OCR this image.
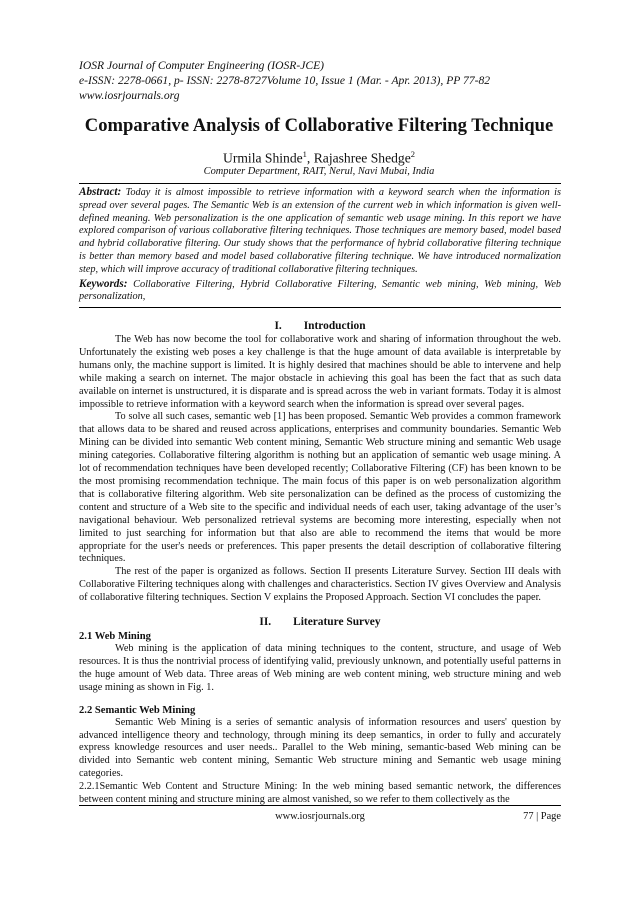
IOSR Journal of Computer Engineering (IOSR-JCE)
e-ISSN: 2278-0661, p- ISSN: 2278-8727Volume 10, Issue 1 (Mar. - Apr. 2013), PP 77-82
www.iosrjournals.org
Comparative Analysis of Collaborative Filtering Technique
Urmila Shinde$^1$, Rajashree Shedge$^2$
Computer Department, RAIT, Nerul, Navi Mubai, India
Abstract: Today it is almost impossible to retrieve information with a keyword search when the information is spread over several pages. The Semantic Web is an extension of the current web in which information is given well-defined meaning. Web personalization is the one application of semantic web usage mining. In this report we have explored comparison of various collaborative filtering techniques. Those techniques are memory based, model based and hybrid collaborative filtering. Our study shows that the performance of hybrid collaborative filtering technique is better than memory based and model based collaborative filtering technique. We have introduced normalization step, which will improve accuracy of traditional collaborative filtering techniques.
Keywords: Collaborative Filtering, Hybrid Collaborative Filtering, Semantic web mining, Web mining, Web personalization,
I. Introduction

The Web has now become the tool for collaborative work and sharing of information throughout the web. Unfortunately the existing web poses a key challenge is that the huge amount of data available is interpretable by humans only, the machine support is limited. It is highly desired that machines should be able to intervene and help while making a search on internet. The major obstacle in achieving this goal has been the fact that as such data available on internet is unstructured, it is disparate and is spread across the web in variant formats. Today it is almost impossible to retrieve information with a keyword search when the information is spread over several pages.

To solve all such cases, semantic web [1] has been proposed. Semantic Web provides a common framework that allows data to be shared and reused across applications, enterprises and community boundaries. Semantic Web Mining can be divided into semantic Web content mining, Semantic Web structure mining and semantic Web usage mining categories. Collaborative filtering algorithm is nothing but an application of semantic web usage mining. A lot of recommendation techniques have been developed recently; Collaborative Filtering (CF) has been known to be the most promising recommendation technique. The main focus of this paper is on web personalization algorithm that is collaborative filtering algorithm. Web site personalization can be defined as the process of customizing the content and structure of a Web site to the specific and individual needs of each user, taking advantage of the user’s navigational behaviour. Web personalized retrieval systems are becoming more interesting, especially when not limited to just searching for information but that also are able to recommend the items that would be more appropriate for the user's needs or preferences. This paper presents the detail description of collaborative filtering techniques.

The rest of the paper is organized as follows. Section II presents Literature Survey. Section III deals with Collaborative Filtering techniques along with challenges and characteristics. Section IV gives Overview and Analysis of collaborative filtering techniques. Section V explains the Proposed Approach. Section VI concludes the paper.

II. Literature Survey

2.1 Web Mining

Web mining is the application of data mining techniques to the content, structure, and usage of Web resources. It is thus the nontrivial process of identifying valid, previously unknown, and potentially useful patterns in the huge amount of Web data. Three areas of Web mining are web content mining, web structure mining and web usage mining as shown in Fig. 1.

2.2 Semantic Web Mining

Semantic Web Mining is a series of semantic analysis of information resources and users' question by advanced intelligence theory and technology, through mining its deep semantics, in order to fully and accurately express knowledge resources and user needs.. Parallel to the Web mining, semantic-based Web mining can be divided into Semantic web content mining, Semantic Web structure mining and Semantic web usage mining categories.

2.2.1Semantic Web Content and Structure Mining: In the web mining based semantic network, the differences between content mining and structure mining are almost vanished, so we refer to them collectively as the

www.iosrjournals.org	77 | Page
